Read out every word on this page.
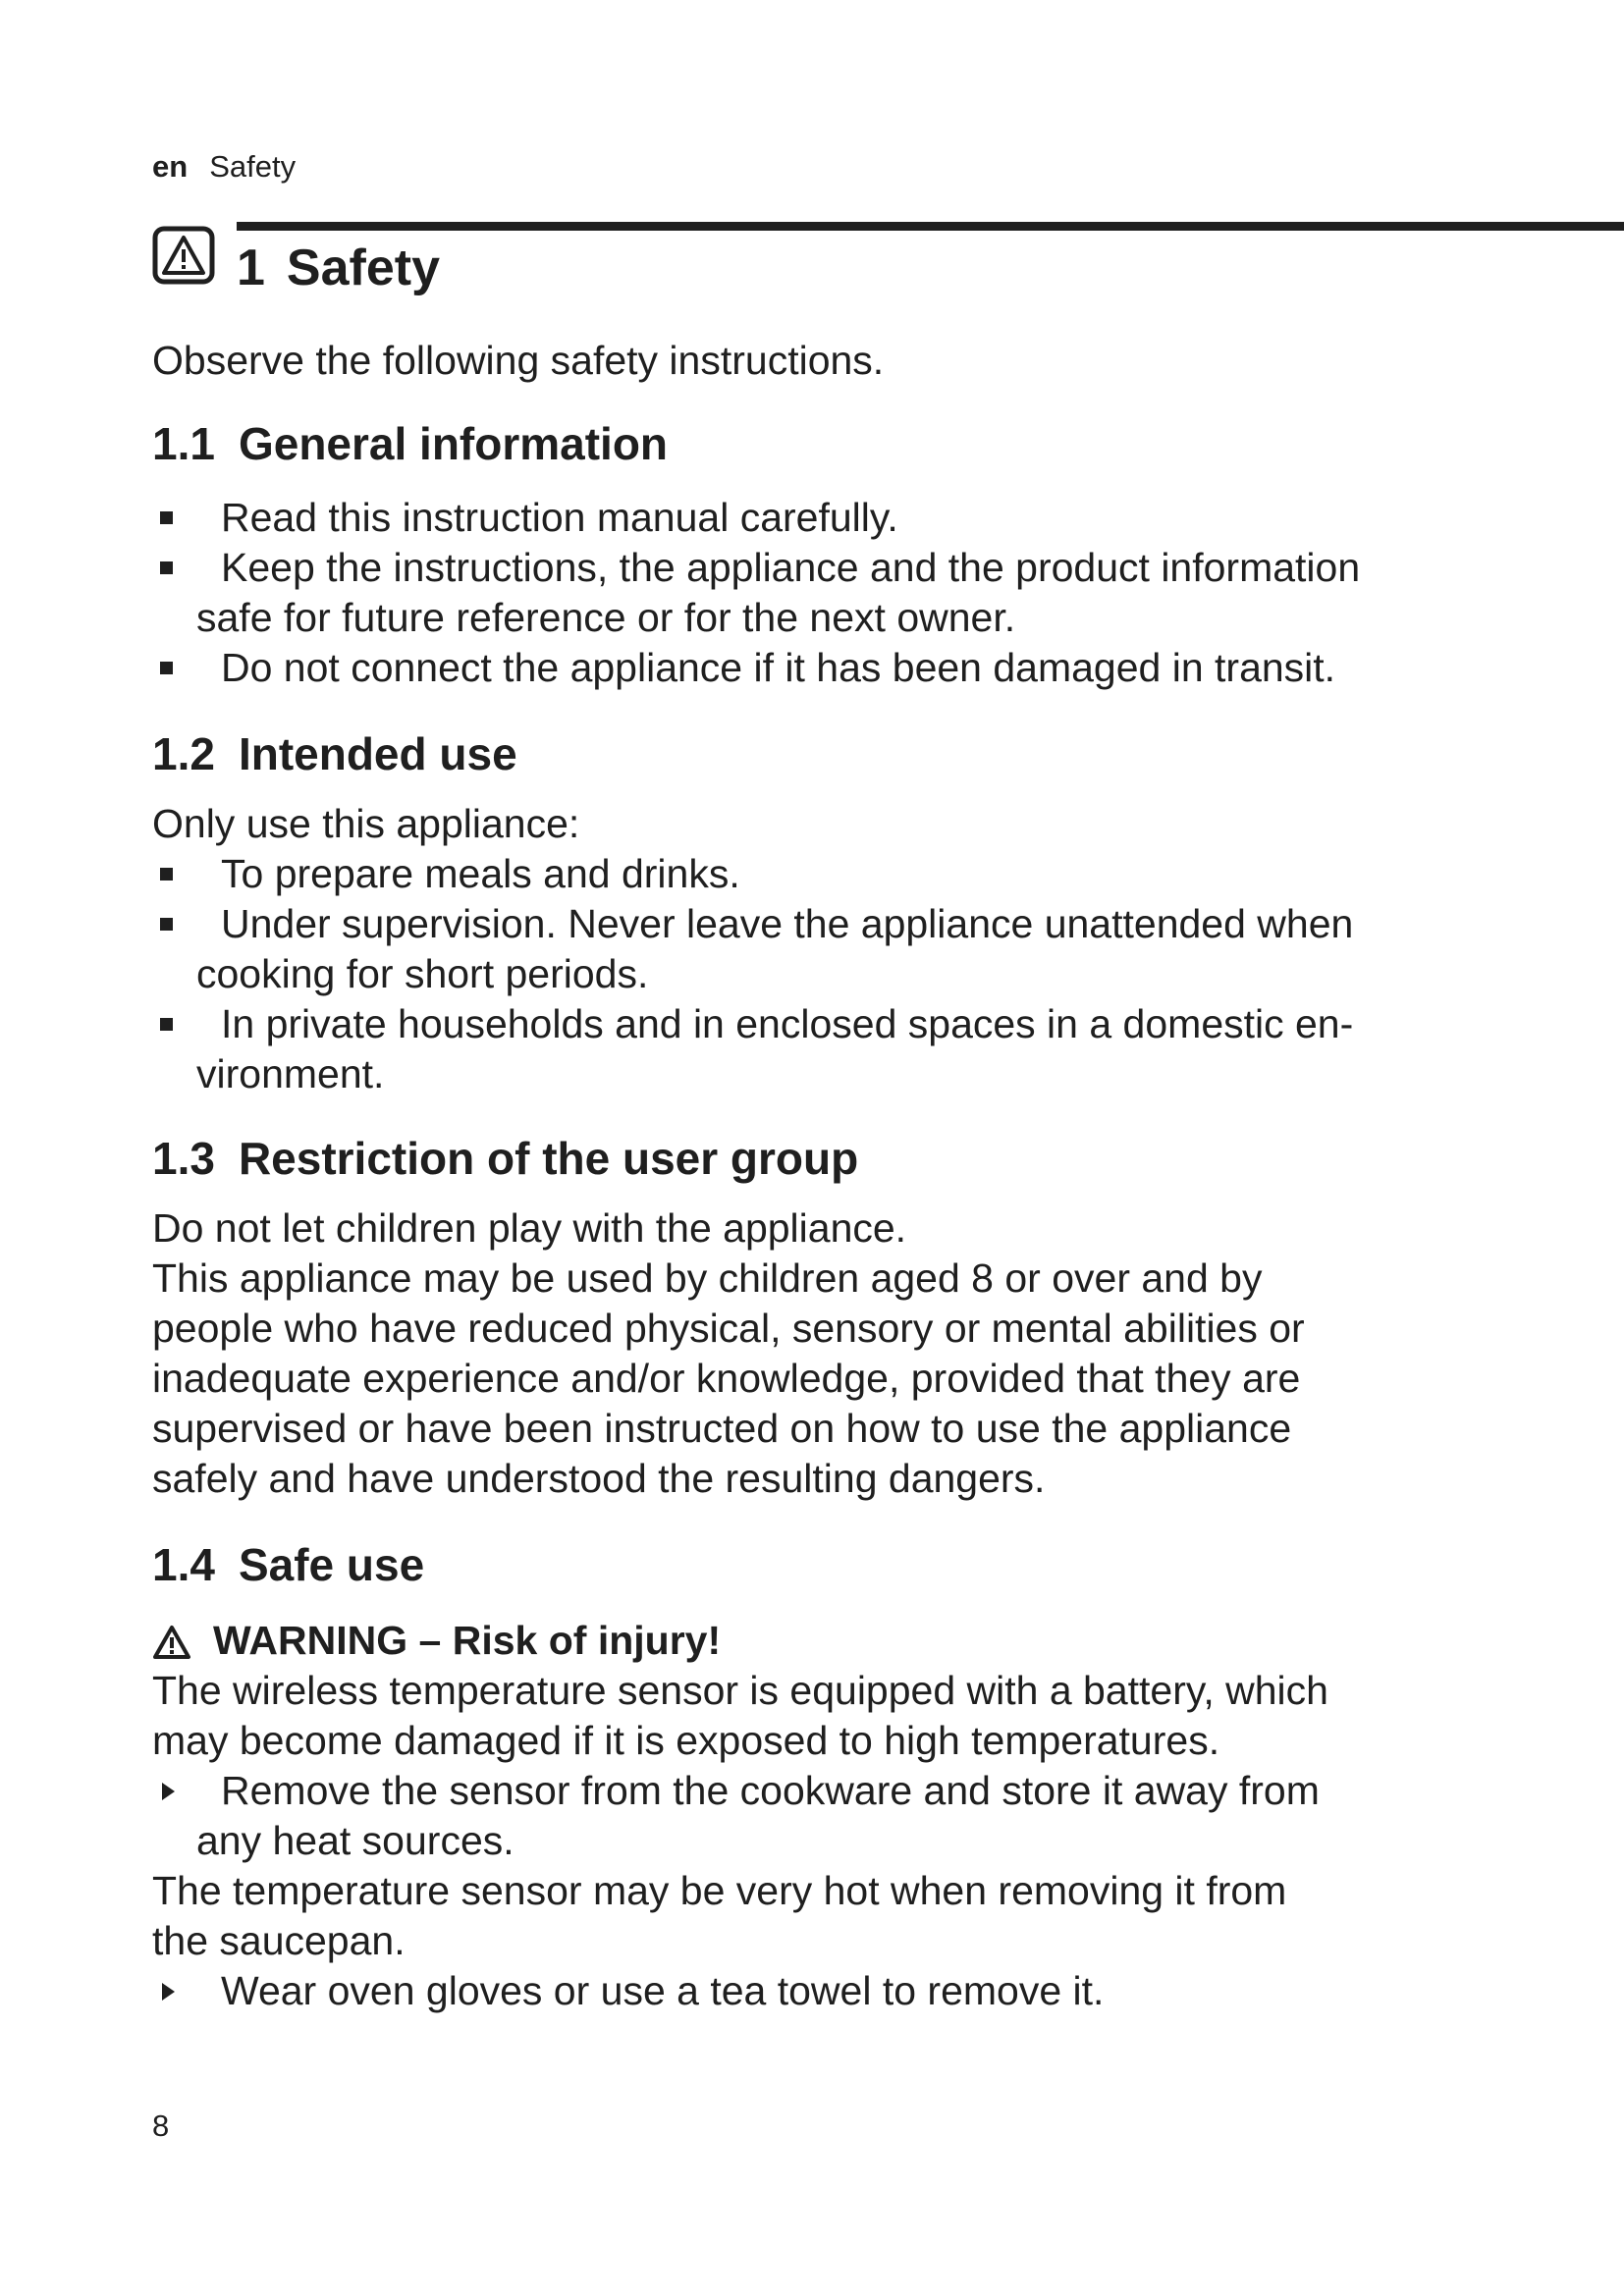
en Safety
1 Safety

Observe the following safety instructions.

1.1 General information
Read this instruction manual carefully.
Keep the instructions, the appliance and the product information
safe for future reference or for the next owner.
Do not connect the appliance if it has been damaged in transit.
1.2 Intended use

Only use this appliance:

To prepare meals and drinks.
Under supervision. Never leave the appliance unattended when
cooking for short periods.
In private households and in enclosed spaces in a domestic en-
vironment.
1.3 Restriction of the user group

Do not let children play with the appliance.

This appliance may be used by children aged 8 or over and by

people who have reduced physical, sensory or mental abilities or

inadequate experience and/or knowledge, provided that they are

supervised or have been instructed on how to use the appliance

safely and have understood the resulting dangers.

1.4 Safe use

WARNING – Risk of injury!

The wireless temperature sensor is equipped with a battery, which

may become damaged if it is exposed to high temperatures.

Remove the sensor from the cookware and store it away from
any heat sources.

The temperature sensor may be very hot when removing it from

the saucepan.

Wear oven gloves or use a tea towel to remove it.
8
